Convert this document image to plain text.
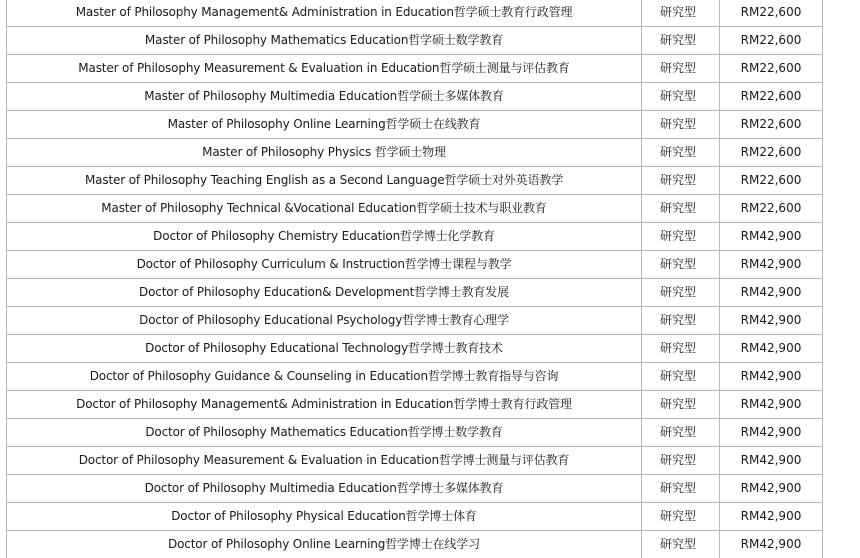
Master of Philosophy Management& Administration in Education哲学硕士教育行政管理	研究型	RM22,600
Master of Philosophy Mathematics Education哲学硕士数学教育	研究型	RM22,600
Master of Philosophy Measurement & Evaluation in Education哲学硕士测量与评估教育	研究型	RM22,600
Master of Philosophy Multimedia Education哲学硕士多媒体教育	研究型	RM22,600
Master of Philosophy Online Learning哲学硕士在线教育	研究型	RM22,600
Master of Philosophy Physics 哲学硕士物理	研究型	RM22,600
Master of Philosophy Teaching English as a Second Language哲学硕士对外英语教学	研究型	RM22,600
Master of Philosophy Technical &Vocational Education哲学硕士技术与职业教育	研究型	RM22,600
Doctor of Philosophy Chemistry Education哲学博士化学教育	研究型	RM42,900
Doctor of Philosophy Curriculum & Instruction哲学博士课程与教学	研究型	RM42,900
Doctor of Philosophy Education& Development哲学博士教育发展	研究型	RM42,900
Doctor of Philosophy Educational Psychology哲学博士教育心理学	研究型	RM42,900
Doctor of Philosophy Educational Technology哲学博士教育技术	研究型	RM42,900
Doctor of Philosophy Guidance & Counseling in Education哲学博士教育指导与咨询	研究型	RM42,900
Doctor of Philosophy Management& Administration in Education哲学博士教育行政管理	研究型	RM42,900
Doctor of Philosophy Mathematics Education哲学博士数学教育	研究型	RM42,900
Doctor of Philosophy Measurement & Evaluation in Education哲学博士测量与评估教育	研究型	RM42,900
Doctor of Philosophy Multimedia Education哲学博士多媒体教育	研究型	RM42,900
Doctor of Philosophy Physical Education哲学博士体育	研究型	RM42,900
Doctor of Philosophy Online Learning哲学博士在线学习	研究型	RM42,900
